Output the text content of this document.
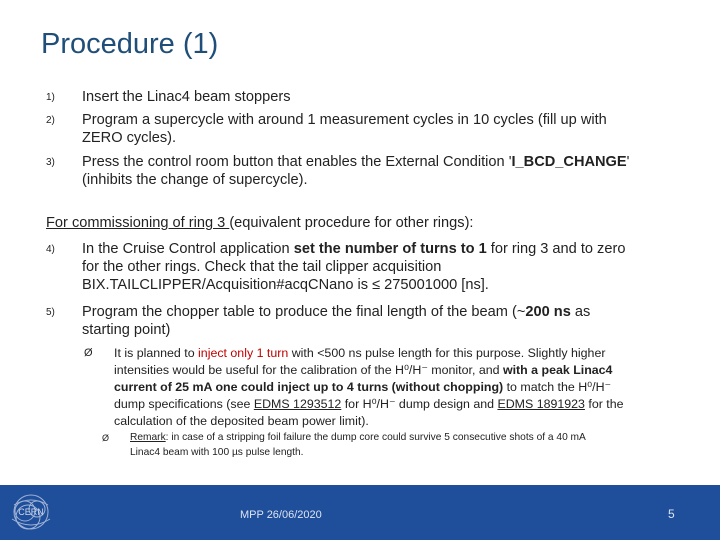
Procedure (1)
1) Insert the Linac4 beam stoppers
2) Program a supercycle with around 1 measurement cycles in 10 cycles (fill up with
ZERO cycles).
3) Press the control room button that enables the External Condition 'I_BCD_CHANGE'
(inhibits the change of supercycle).
For commissioning of ring 3 (equivalent procedure for other rings):
4) In the Cruise Control application set the number of turns to 1 for ring 3 and to zero
for the other rings. Check that the tail clipper acquisition
BIX.TAILCLIPPER/Acquisition#acqCNano is ≤ 275001000 [ns].
5) Program the chopper table to produce the final length of the beam (~200 ns as
starting point)
Ø It is planned to inject only 1 turn with <500 ns pulse length for this purpose. Slightly higher
intensities would be useful for the calibration of the H⁰/H⁻ monitor, and with a peak Linac4
current of 25 mA one could inject up to 4 turns (without chopping) to match the H⁰/H⁻
dump specifications (see EDMS 1293512 for H⁰/H⁻ dump design and EDMS 1891923 for the
calculation of the deposited beam power limit).
Ø Remark: in case of a stripping foil failure the dump core could survive 5 consecutive shots of a 40 mA
Linac4 beam with 100 µs pulse length.
CERN	MPP 26/06/2020	5
